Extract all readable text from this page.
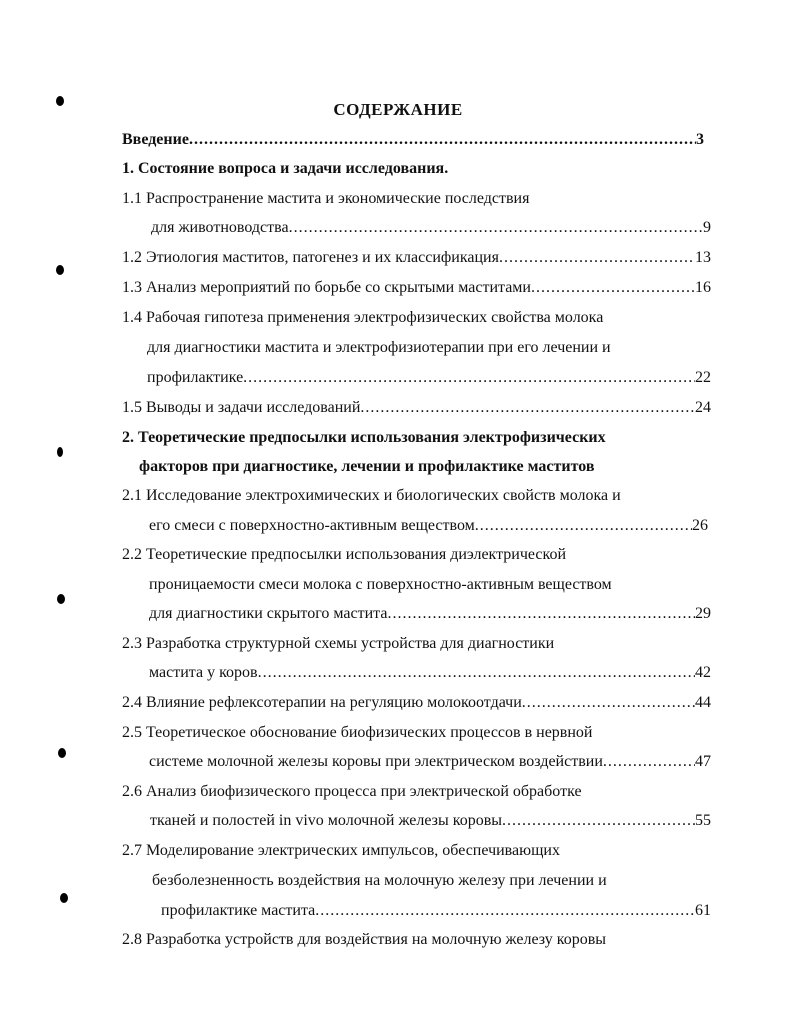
СОДЕРЖАНИЕ
Введение .....	3
1. Состояние вопроса и задачи исследования.
1.1 Распространение мастита и экономические последствия
для животноводства .....	9
1.2 Этиология маститов, патогенез и их классификация .....	13
1.3 Анализ мероприятий по борьбе со скрытыми маститами .....	16
1.4 Рабочая гипотеза применения электрофизических свойства молока
для диагностики мастита и электрофизиотерапии при его лечении и
профилактике .....	22
1.5 Выводы и задачи исследований .....	24
2. Теоретические предпосылки использования электрофизических
факторов при диагностике, лечении и профилактике маститов
2.1 Исследование электрохимических и биологических свойств молока и
его смеси с поверхностно-активным веществом .....	26
2.2 Теоретические предпосылки использования диэлектрической
проницаемости смеси молока с поверхностно-активным веществом
для диагностики скрытого мастита .....	29
2.3 Разработка структурной схемы устройства для диагностики
мастита у коров .....	42
2.4 Влияние рефлексотерапии на регуляцию молокоотдачи .....	44
2.5 Теоретическое обоснование биофизических процессов в нервной
системе молочной железы коровы при электрическом воздействии .....	47
2.6 Анализ биофизического процесса при электрической обработке
тканей и полостей in vivo молочной железы коровы .....	55
2.7 Моделирование электрических импульсов, обеспечивающих
безболезненность воздействия на молочную железу при лечении и
профилактике мастита .....	61
2.8 Разработка устройств для воздействия на молочную железу коровы
